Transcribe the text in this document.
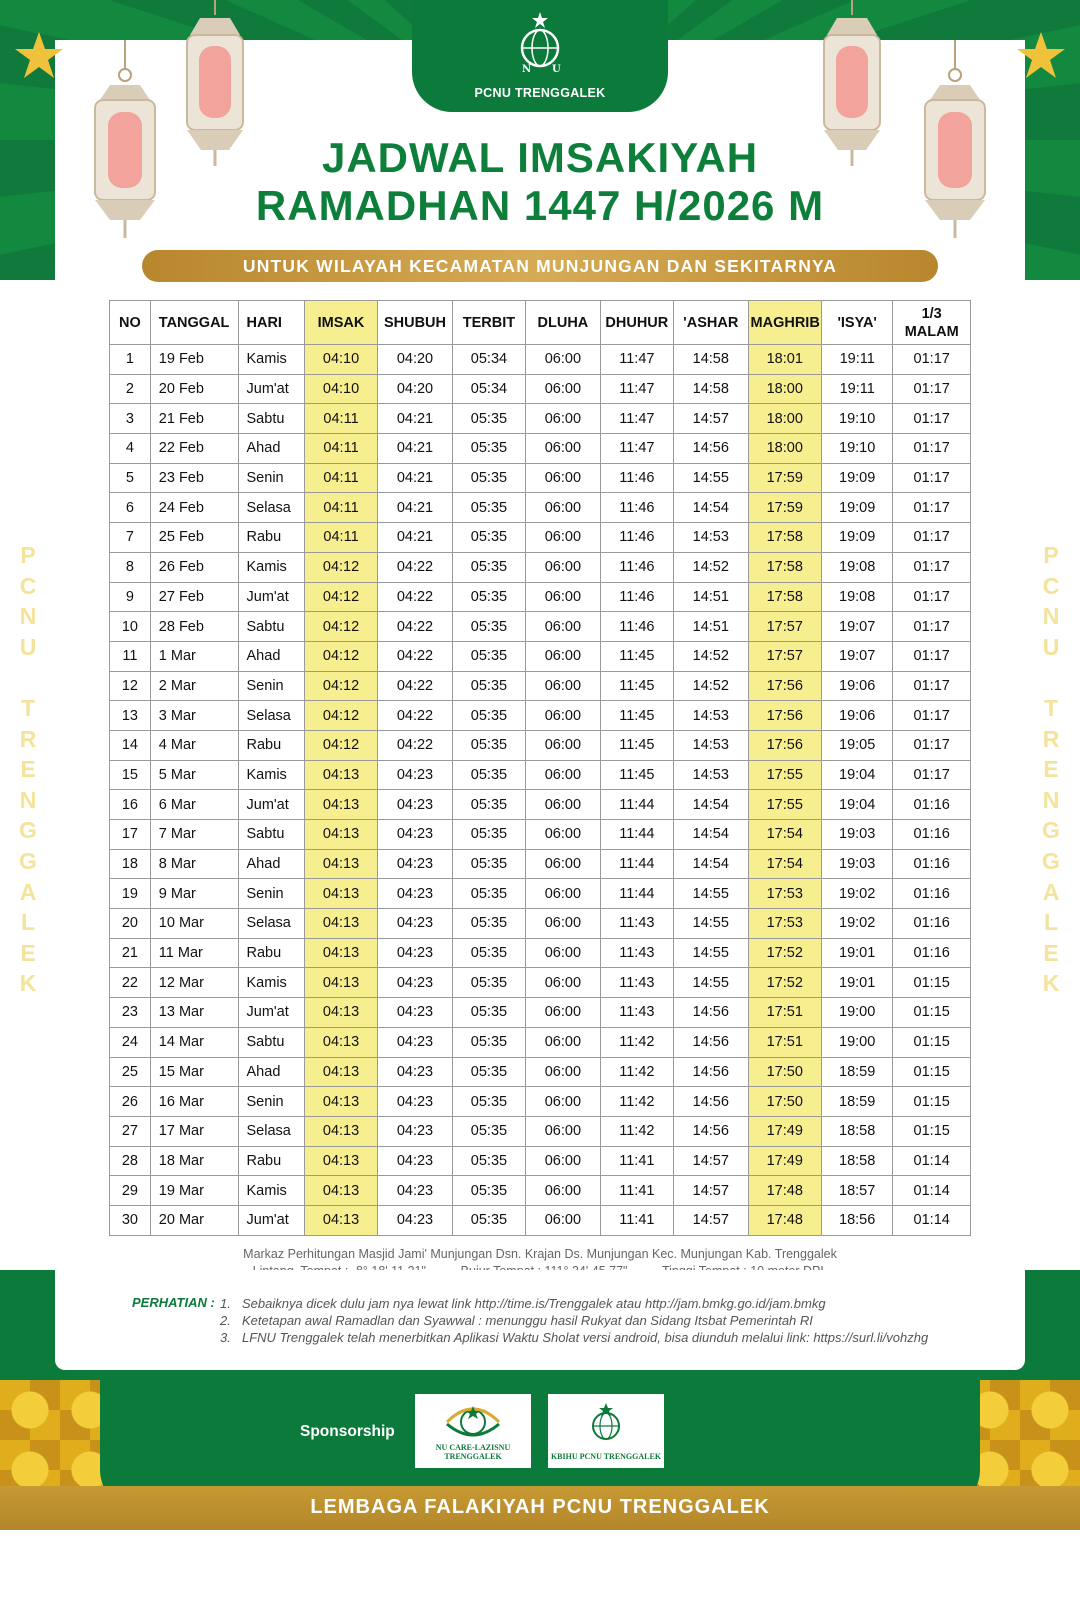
N U
PCNU TRENGGALEK
JADWAL IMSAKIYAH
RAMADHAN 1447 H/2026 M
UNTUK WILAYAH KECAMATAN MUNJUNGAN DAN SEKITARNYA
P
C
N
U

T
R
E
N
G
G
A
L
E
K
P
C
N
U

T
R
E
N
G
G
A
L
E
K
NO	TANGGAL	HARI	IMSAK	SHUBUH	TERBIT	DLUHA	DHUHUR	'ASHAR	MAGHRIB	'ISYA'	1/3
MALAM
1	19 Feb	Kamis	04:10	04:20	05:34	06:00	11:47	14:58	18:01	19:11	01:17
2	20 Feb	Jum'at	04:10	04:20	05:34	06:00	11:47	14:58	18:00	19:11	01:17
3	21 Feb	Sabtu	04:11	04:21	05:35	06:00	11:47	14:57	18:00	19:10	01:17
4	22 Feb	Ahad	04:11	04:21	05:35	06:00	11:47	14:56	18:00	19:10	01:17
5	23 Feb	Senin	04:11	04:21	05:35	06:00	11:46	14:55	17:59	19:09	01:17
6	24 Feb	Selasa	04:11	04:21	05:35	06:00	11:46	14:54	17:59	19:09	01:17
7	25 Feb	Rabu	04:11	04:21	05:35	06:00	11:46	14:53	17:58	19:09	01:17
8	26 Feb	Kamis	04:12	04:22	05:35	06:00	11:46	14:52	17:58	19:08	01:17
9	27 Feb	Jum'at	04:12	04:22	05:35	06:00	11:46	14:51	17:58	19:08	01:17
10	28 Feb	Sabtu	04:12	04:22	05:35	06:00	11:46	14:51	17:57	19:07	01:17
11	1 Mar	Ahad	04:12	04:22	05:35	06:00	11:45	14:52	17:57	19:07	01:17
12	2 Mar	Senin	04:12	04:22	05:35	06:00	11:45	14:52	17:56	19:06	01:17
13	3 Mar	Selasa	04:12	04:22	05:35	06:00	11:45	14:53	17:56	19:06	01:17
14	4 Mar	Rabu	04:12	04:22	05:35	06:00	11:45	14:53	17:56	19:05	01:17
15	5 Mar	Kamis	04:13	04:23	05:35	06:00	11:45	14:53	17:55	19:04	01:17
16	6 Mar	Jum'at	04:13	04:23	05:35	06:00	11:44	14:54	17:55	19:04	01:16
17	7 Mar	Sabtu	04:13	04:23	05:35	06:00	11:44	14:54	17:54	19:03	01:16
18	8 Mar	Ahad	04:13	04:23	05:35	06:00	11:44	14:54	17:54	19:03	01:16
19	9 Mar	Senin	04:13	04:23	05:35	06:00	11:44	14:55	17:53	19:02	01:16
20	10 Mar	Selasa	04:13	04:23	05:35	06:00	11:43	14:55	17:53	19:02	01:16
21	11 Mar	Rabu	04:13	04:23	05:35	06:00	11:43	14:55	17:52	19:01	01:16
22	12 Mar	Kamis	04:13	04:23	05:35	06:00	11:43	14:55	17:52	19:01	01:15
23	13 Mar	Jum'at	04:13	04:23	05:35	06:00	11:43	14:56	17:51	19:00	01:15
24	14 Mar	Sabtu	04:13	04:23	05:35	06:00	11:42	14:56	17:51	19:00	01:15
25	15 Mar	Ahad	04:13	04:23	05:35	06:00	11:42	14:56	17:50	18:59	01:15
26	16 Mar	Senin	04:13	04:23	05:35	06:00	11:42	14:56	17:50	18:59	01:15
27	17 Mar	Selasa	04:13	04:23	05:35	06:00	11:42	14:56	17:49	18:58	01:15
28	18 Mar	Rabu	04:13	04:23	05:35	06:00	11:41	14:57	17:49	18:58	01:14
29	19 Mar	Kamis	04:13	04:23	05:35	06:00	11:41	14:57	17:48	18:57	01:14
30	20 Mar	Jum'at	04:13	04:23	05:35	06:00	11:41	14:57	17:48	18:56	01:14
Markaz Perhitungan Masjid Jami' Munjungan Dsn. Krajan Ds. Munjungan Kec. Munjungan Kab. Trenggalek
PERHATIAN : 1. Sebaiknya dicek dulu jam nya lewat link http://time.is/Trenggalek atau http://jam.bmkg.go.id/jam.bmkg
2. Ketetapan awal Ramadlan dan Syawwal : menunggu hasil Rukyat dan Sidang Itsbat Pemerintah RI
3. LFNU Trenggalek telah menerbitkan Aplikasi Waktu Sholat versi android, bisa diunduh melalui link: https://surl.li/vohzhg
Sponsorship
NU CARE-LAZISNU
TRENGGALEK	KBIHU PCNU TRENGGALEK
LEMBAGA FALAKIYAH PCNU TRENGGALEK
